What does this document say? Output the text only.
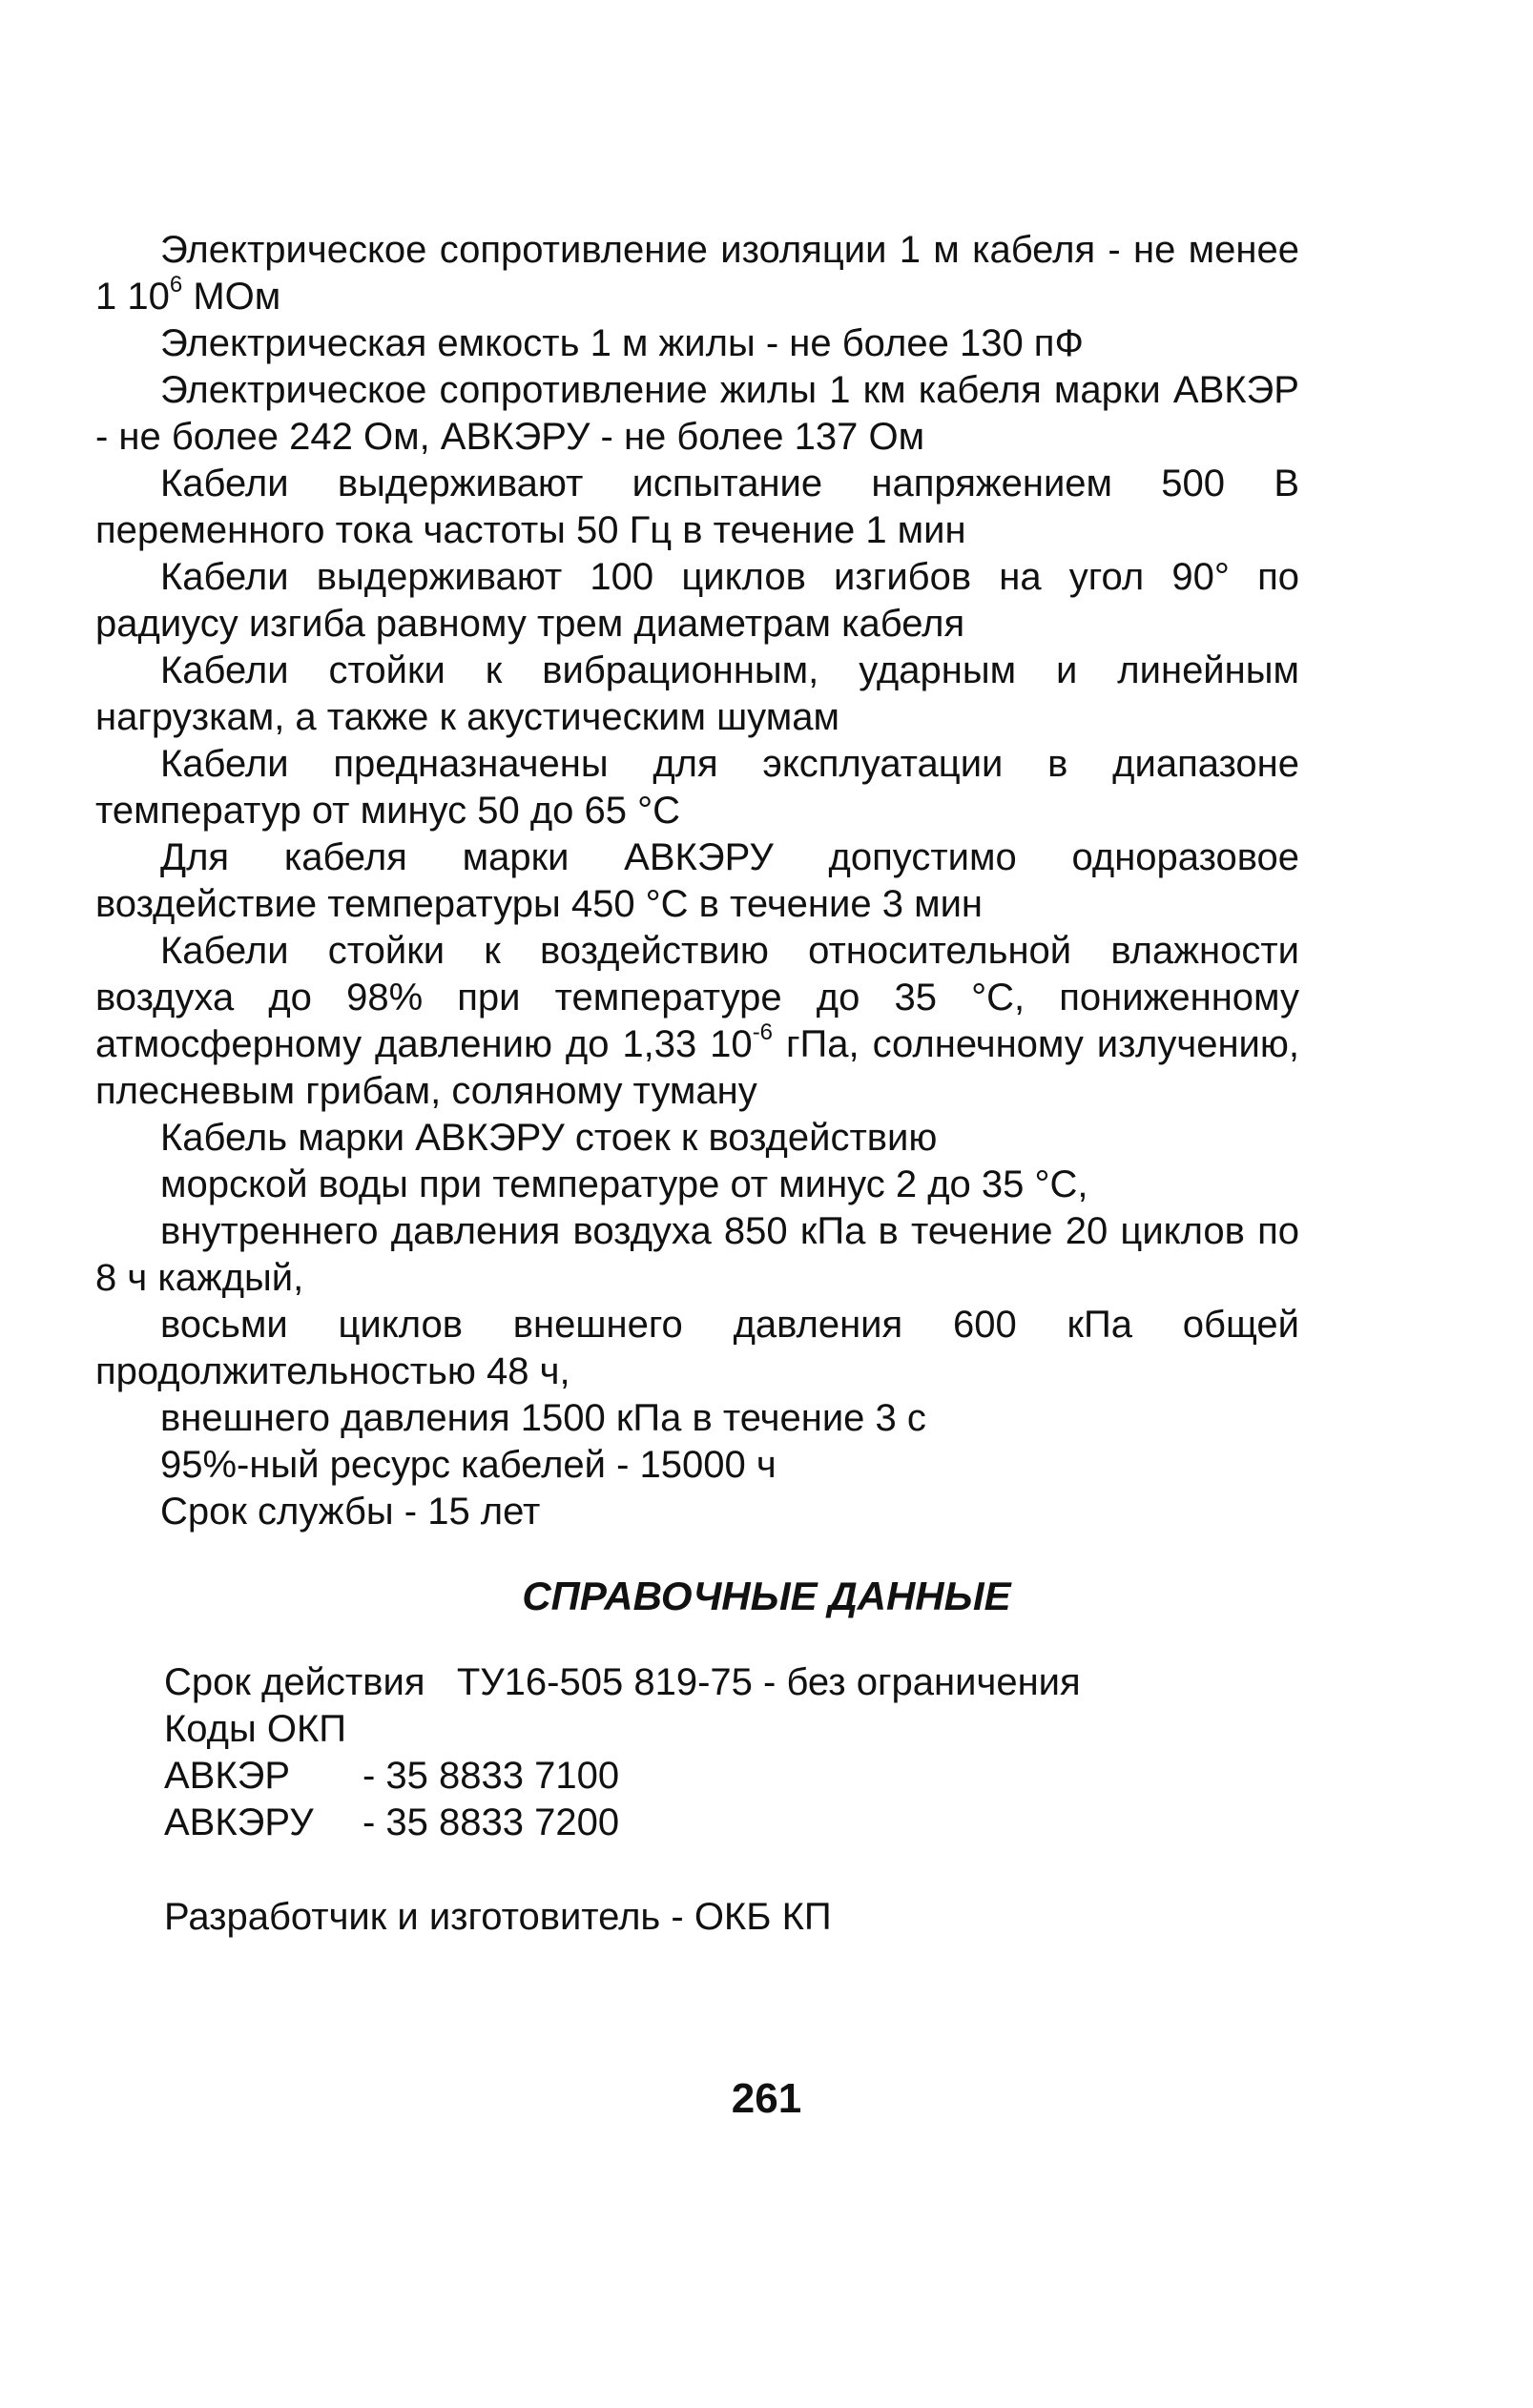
Электрическое сопротивление изоляции 1 м кабеля - не менее 1 $10^6$ МОм

Электрическая емкость 1 м жилы - не более 130 пФ

Электрическое сопротивление жилы 1 км кабеля марки АВКЭР - не более 242 Ом, АВКЭРУ - не более 137 Ом

Кабели выдерживают испытание напряжением 500 В переменного тока частоты 50 Гц в течение 1 мин

Кабели выдерживают 100 циклов изгибов на угол 90° по радиусу изгиба равному трем диаметрам кабеля

Кабели стойки к вибрационным, ударным и линейным нагрузкам, а также к акустическим шумам

Кабели предназначены для эксплуатации в диапазоне температур от минус 50 до 65 °С

Для кабеля марки АВКЭРУ допустимо одноразовое воздействие температуры 450 °С в течение 3 мин

Кабели стойки к воздействию относительной влажности воздуха до 98% при температуре до 35 °С, пониженному атмосферному давлению до 1,33 $10^{-6}$ гПа, солнечному излучению, плесневым грибам, соляному туману

Кабель марки АВКЭРУ стоек к воздействию

морской воды при температуре от минус 2 до 35 °С,

внутреннего давления воздуха 850 кПа в течение 20 циклов по 8 ч каждый,

восьми циклов внешнего давления 600 кПа общей продолжительностью 48 ч,

внешнего давления 1500 кПа в течение 3 с

95%-ный ресурс кабелей - 15000 ч

Срок службы - 15 лет

СПРАВОЧНЫЕ ДАННЫЕ
Срок действия   ТУ16-505 819-75 - без ограничения
Коды ОКП
АВКЭР - 35 8833 7100
АВКЭРУ - 35 8833 7200
Разработчик и изготовитель - ОКБ КП
261
